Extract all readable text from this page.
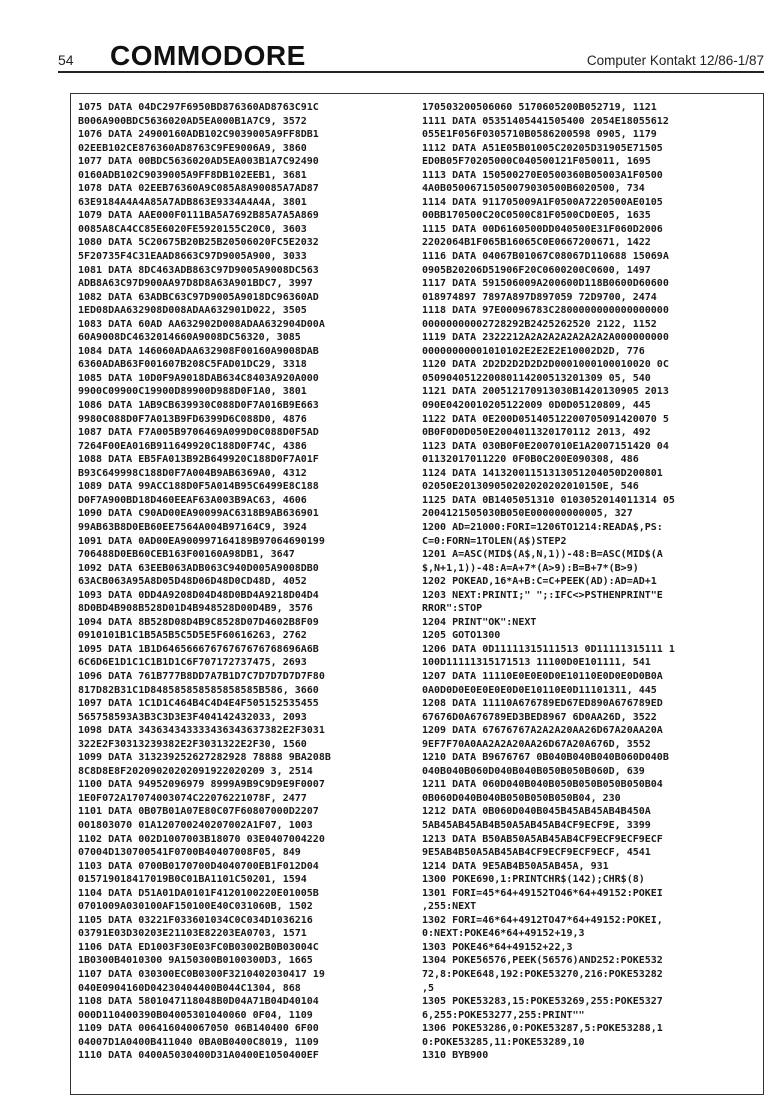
54 COMMODORE	Computer Kontakt 12/86-1/87
1075 DATA 04DC297F6950BD876360AD8763C91C
B006A900BDC5636020AD5EA000B1A7C9, 3572
1076 DATA 24900160ADB102C9039005A9FF8DB1
02EEB102CE876360AD8763C9FE9006A9, 3860
1077 DATA 00BDC5636020AD5EA003B1A7C92490
0160ADB102C9039005A9FF8DB102EEB1, 3681
1078 DATA 02EEB76360A9C085A8A90085A7AD87
63E9184A4A4A85A7ADB863E9334A4A4A, 3801
1079 DATA AAE000F0111BA5A7692B85A7A5A869
0085A8CA4CC85E6020FE5920155C20C0, 3603
1080 DATA 5C20675B20B25B20506020FC5E2032
5F20735F4C31EAAD8663C97D9005A900, 3033
1081 DATA 8DC463ADB863C97D9005A9008DC563
ADB8A63C97D900AA97D8D8A63A901BDC7, 3997
1082 DATA 63ADBC63C97D9005A9018DC96360AD
1ED08DAA632908D008ADAA632901D022, 3505
1083 DATA 60AD AA632902D008ADAA632904D00A
60A9008DC4632014660A9008DC56320, 3085
1084 DATA 146060ADAA632908F00160A9008DAB
6360ADAB63F001607B208C5FAD01DC29, 3318
1085 DATA 10D0F9A9018DAB634C8403A920A000
9900C09900C19900D89900D988D0F1A0, 3801
1086 DATA 1AB9CB639930C088D0F7A016B9E663
9980C088D0F7A013B9FD6399D6C088D0, 4876
1087 DATA F7A005B9706469A099D0C088D0F5AD
7264F00EA016B911649920C188D0F74C, 4386
1088 DATA EB5FA013B92B649920C188D0F7A01F
B93C649998C188D0F7A004B9AB6369A0, 4312
1089 DATA 99ACC188D0F5A014B95C6499E8C188
D0F7A900BD18D460EEAF63A003B9AC63, 4606
1090 DATA C90AD00EA90099AC6318B9AB636901
99AB63B8D0EB60EE7564A004B97164C9, 3924
1091 DATA 0AD00EA900997164189B97064690199
706488D0EB60CEB163F00160A98DB1, 3647
1092 DATA 63EEB063ADB063C940D005A9008DB0
63ACB063A95A8D05D48D06D48D0CD48D, 4052
1093 DATA 0DD4A9208D04D48D0BD4A9218D04D4
8D0BD4B908B528D01D4B948528D00D4B9, 3576
1094 DATA 8B528D08D4B9C8528D07D4602B8F09
0910101B1C1B5A5B5C5D5E5F60616263, 2762
1095 DATA 1B1D64656667676767676768696A6B
6C6D6E1D1C1C1B1D1C6F707172737475, 2693
1096 DATA 761B777B8DD7A7B1D7C7D7D7D7D7F80
817D82B31C1D848585858585858585B586, 3660
1097 DATA 1C1D1C464B4C4D4E4F505152535455
565758593A3B3C3D3E3F404142432033, 2093
1098 DATA 343634343333436343637382E2F3031
322E2F30313239382E2F3031322E2F30, 1560
1099 DATA 313239252627282928 78888 9BA208B
8C8D8E8F20209020202091922020209 3, 2514
1100 DATA 94952096979 8999A9B9C9D9E9F0007
1E0F072A17074003074C22076221078F, 2477
1101 DATA 0B07B01A07E80C07F60807000D2207
001803070 01A120700240207002A1F07, 1003
1102 DATA 002D1007003B18070 03E0407004220
07004D130700541F0700B40407008F05, 849
1103 DATA 0700B0170700D4040700EB1F012D04
015719018417019B0C01BA1101C50201, 1594
1104 DATA D51A01DA0101F4120100220E01005B
0701009A030100AF150100E40C031060B, 1502
1105 DATA 03221F033601034C0C034D1036216
03791E03D30203E21103E82203EA0703, 1571
1106 DATA ED1003F30E03FC0B03002B0B03004C
1B0300B4010300 9A150300B0100300D3, 1665
1107 DATA 030300EC0B0300F3210402030417 19
040E0904160D04230404400B044C1304, 868
1108 DATA 5801047118048B0D04A71B04D40104
000D110400390B04005301040060 0F04, 1109
1109 DATA 006416040067050 06B140400 6F00
04007D1A0400B411040 0BA0B0400C8019, 1109
1110 DATA 0400A5030400D31A0400E1050400EF
170503200506060 5170605200B052719, 1121
1111 DATA 05351405441505400 2054E18055612
055E1F056F0305710B0586200598 0905, 1179
1112 DATA A51E05B01005C20205D31905E71505
ED0B05F70205000C040500121F050011, 1695
1113 DATA 150500270E0500360B05003A1F0500
4A0B05006715050079030500B6020500, 734
1114 DATA 911705009A1F0500A7220500AE0105
00BB170500C20C0500C81F0500CD0E05, 1635
1115 DATA 00D6160500DD040500E31F060D2006
2202064B1F065B16065C0E0667200671, 1422
1116 DATA 04067B01067C08067D110688 15069A
0905B20206D51906F20C0600200C0600, 1497
1117 DATA 591506009A200600D118B0600D60600
018974897 7897A897D897059 72D9700, 2474
1118 DATA 97E00096783C2800000000000000000
00000000002728292B2425262520 2122, 1152
1119 DATA 2322212A2A2A2A2A2A2A2A000000000
00000000001010102E2E2E2E10002D2D, 776
1120 DATA 2D2D2D2D2D2D0001000100010020 0C
050904051220080114200513201309 05, 540
1121 DATA 200512170913030B1420130905 2013
090E0420010205122009 0D0D05120809, 445
1122 DATA 0E200D05140512200705091420070 5
0B0F0D0D050E2004011320170112 2013, 492
1123 DATA 030B0F0E2007010E1A2007151420 04
01132017011220 0F0B0C200E090308, 486
1124 DATA 14132001151313051204050D200801
02050E201309050202020202010150E, 546
1125 DATA 0B1405051310 0103052014011314 05
2004121505030B050E000000000005, 327
1200 AD=21000:FORI=1206TO1214:READA$,PS:
C=0:FORN=1TOLEN(A$)STEP2
1201 A=ASC(MID$(A$,N,1))-48:B=ASC(MID$(A
$,N+1,1))-48:A=A+7*(A>9):B=B+7*(B>9)
1202 POKEAD,16*A+B:C=C+PEEK(AD):AD=AD+1
1203 NEXT:PRINTI;" ";:IFC<>PSTHENPRINT"E
RROR":STOP
1204 PRINT"OK":NEXT
1205 GOTO1300
1206 DATA 0D11111315111513 0D11111315111 1
100D11111315171513 11100D0E101111, 541
1207 DATA 11110E0E0E0D0E10110E0D0E0D0B0A
0A0D0D0E0E0E0E0D0E10110E0D11101311, 445
1208 DATA 11110A676789ED67ED890A676789ED
67676D0A676789ED3BED8967 6D0AA26D, 3522
1209 DATA 67676767A2A2A20AA26D67A20AA20A
9EF7F70A0AA2A2A20AA26D67A20A676D, 3552
1210 DATA B9676767 0B040B040B040B060D040B
040B040B060D040B040B050B050B060D, 639
1211 DATA 060D040B040B050B050B050B050B04
0B060D040B040B050B050B050B04, 230
1212 DATA 0B060D040B045B45AB45AB4B450A
5AB45AB45AB4B50A5AB45AB4CF9ECF9E, 3399
1213 DATA B50AB50A5AB45AB4CF9ECF9ECF9ECF
9E5AB4B50A5AB45AB4CF9ECF9ECF9ECF, 4541
1214 DATA 9E5AB4B50A5AB45A, 931
1300 POKE690,1:PRINTCHR$(142);CHR$(8)
1301 FORI=45*64+49152TO46*64+49152:POKEI
,255:NEXT
1302 FORI=46*64+4912TO47*64+49152:POKEI,
0:NEXT:POKE46*64+49152+19,3
1303 POKE46*64+49152+22,3
1304 POKE56576,PEEK(56576)AND252:POKE532
72,8:POKE648,192:POKE53270,216:POKE53282
,5
1305 POKE53283,15:POKE53269,255:POKE5327
6,255:POKE53277,255:PRINT""
1306 POKE53286,0:POKE53287,5:POKE53288,1
0:POKE53285,11:POKE53289,10
1310 BYB900
